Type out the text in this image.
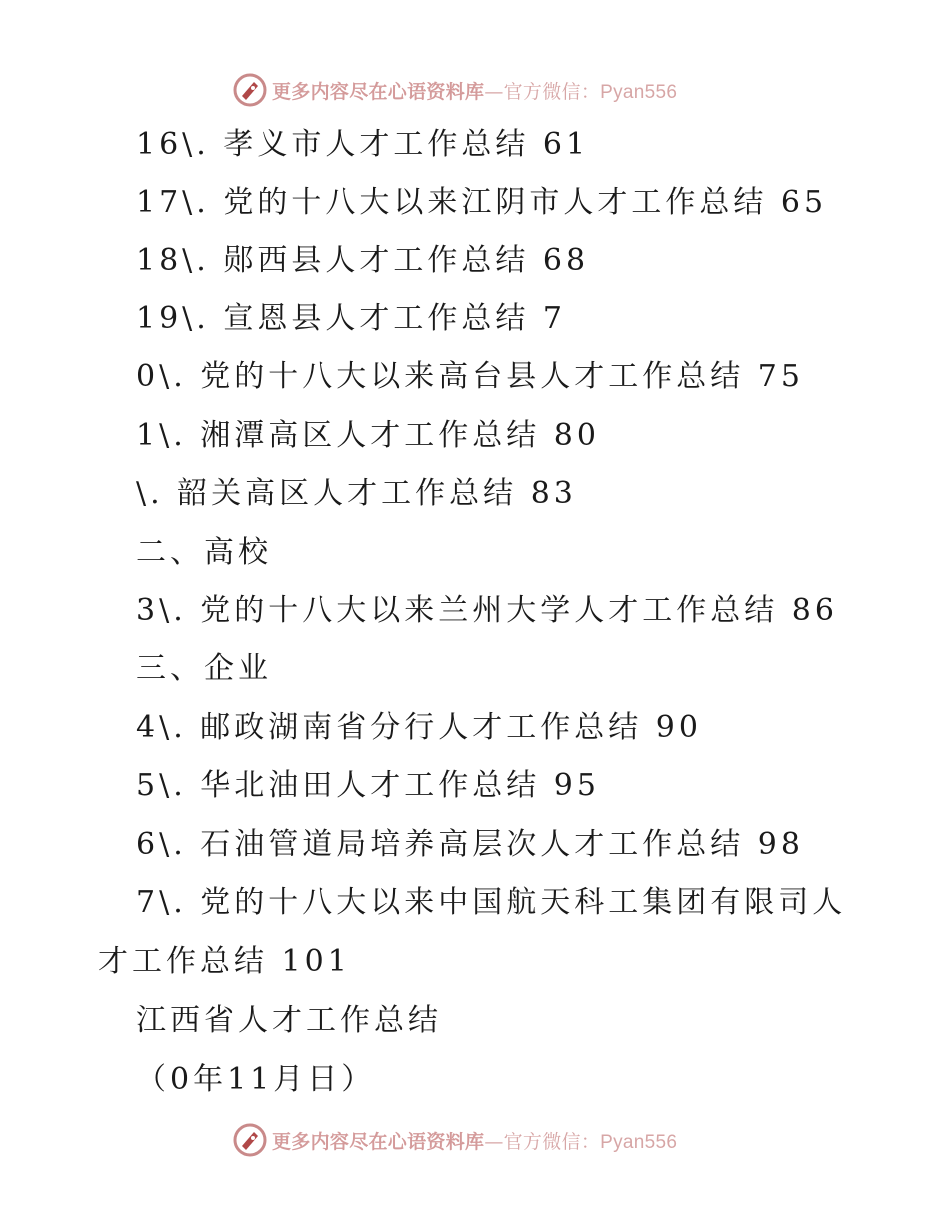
更多内容尽在心语资料库—官方微信：Pyan556
16\. 孝义市人才工作总结 61
17\. 党的十八大以来江阴市人才工作总结 65
18\. 郧西县人才工作总结 68
19\. 宣恩县人才工作总结 7
0\. 党的十八大以来高台县人才工作总结 75
1\. 湘潭高区人才工作总结 80
\. 韶关高区人才工作总结 83
二、高校
3\. 党的十八大以来兰州大学人才工作总结 86
三、企业
4\. 邮政湖南省分行人才工作总结 90
5\. 华北油田人才工作总结 95
6\. 石油管道局培养高层次人才工作总结 98
7\. 党的十八大以来中国航天科工集团有限司人
才工作总结 101
江西省人才工作总结
（0年11月日）
更多内容尽在心语资料库—官方微信：Pyan556
